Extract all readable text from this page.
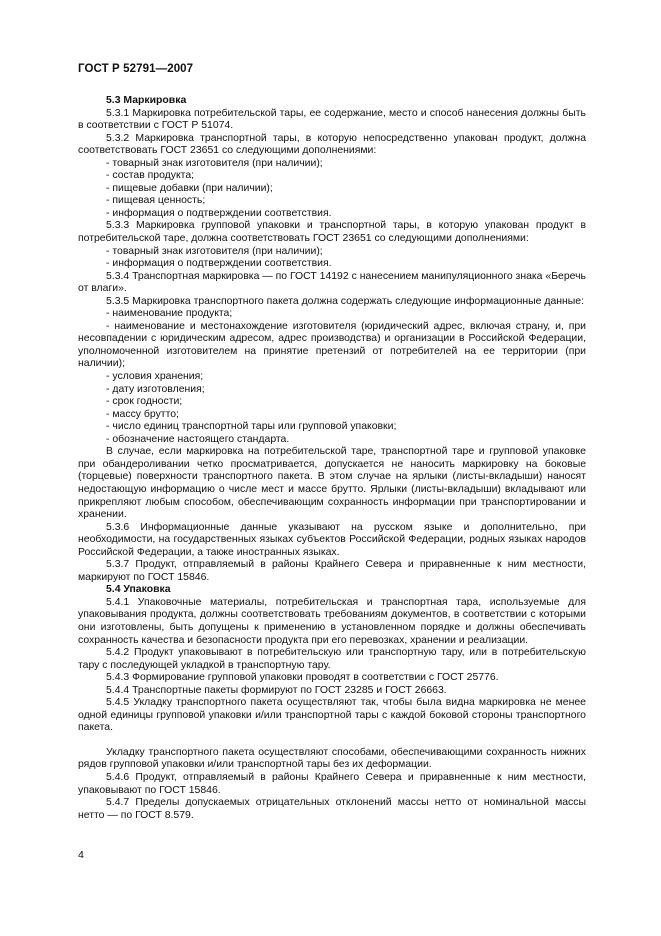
ГОСТ Р 52791—2007

5.3 Маркировка

5.3.1 Маркировка потребительской тары, ее содержание, место и способ нанесения должны быть в соответствии с ГОСТ Р 51074.

5.3.2 Маркировка транспортной тары, в которую непосредственно упакован продукт, должна соответствовать ГОСТ 23651 со следующими дополнениями:

- товарный знак изготовителя (при наличии);

- состав продукта;

- пищевые добавки (при наличии);

- пищевая ценность;

- информация о подтверждении соответствия.

5.3.3 Маркировка групповой упаковки и транспортной тары, в которую упакован продукт в потребительской таре, должна соответствовать ГОСТ 23651 со следующими дополнениями:

- товарный знак изготовителя (при наличии);

- информация о подтверждении соответствия.

5.3.4 Транспортная маркировка — по ГОСТ 14192 с нанесением манипуляционного знака «Беречь от влаги».

5.3.5 Маркировка транспортного пакета должна содержать следующие информационные данные:

- наименование продукта;

- наименование и местонахождение изготовителя (юридический адрес, включая страну, и, при несовпадении с юридическим адресом, адрес производства) и организации в Российской Федерации, уполномоченной изготовителем на принятие претензий от потребителей на ее территории (при наличии);

- условия хранения;

- дату изготовления;

- срок годности;

- массу брутто;

- число единиц транспортной тары или групповой упаковки;

- обозначение настоящего стандарта.

В случае, если маркировка на потребительской таре, транспортной таре и групповой упаковке при обандероливании четко просматривается, допускается не наносить маркировку на боковые (торцевые) поверхности транспортного пакета. В этом случае на ярлыки (листы-вкладыши) наносят недостающую информацию о числе мест и массе брутто. Ярлыки (листы-вкладыши) вкладывают или прикрепляют любым способом, обеспечивающим сохранность информации при транспортировании и хранении.

5.3.6 Информационные данные указывают на русском языке и дополнительно, при необходимости, на государственных языках субъектов Российской Федерации, родных языках народов Российской Федерации, а также иностранных языках.

5.3.7 Продукт, отправляемый в районы Крайнего Севера и приравненные к ним местности, маркируют по ГОСТ 15846.

5.4 Упаковка

5.4.1 Упаковочные материалы, потребительская и транспортная тара, используемые для упаковывания продукта, должны соответствовать требованиям документов, в соответствии с которыми они изготовлены, быть допущены к применению в установленном порядке и должны обеспечивать сохранность качества и безопасности продукта при его перевозках, хранении и реализации.

5.4.2 Продукт упаковывают в потребительскую или транспортную тару, или в потребительскую тару с последующей укладкой в транспортную тару.

5.4.3 Формирование групповой упаковки проводят в соответствии с ГОСТ 25776.

5.4.4 Транспортные пакеты формируют по ГОСТ 23285 и ГОСТ 26663.

5.4.5 Укладку транспортного пакета осуществляют так, чтобы была видна маркировка не менее одной единицы групповой упаковки и/или транспортной тары с каждой боковой стороны транспортного пакета.

Укладку транспортного пакета осуществляют способами, обеспечивающими сохранность нижних рядов групповой упаковки и/или транспортной тары без их деформации.

5.4.6 Продукт, отправляемый в районы Крайнего Севера и приравненные к ним местности, упаковывают по ГОСТ 15846.

5.4.7 Пределы допускаемых отрицательных отклонений массы нетто от номинальной массы нетто — по ГОСТ 8.579.

4
